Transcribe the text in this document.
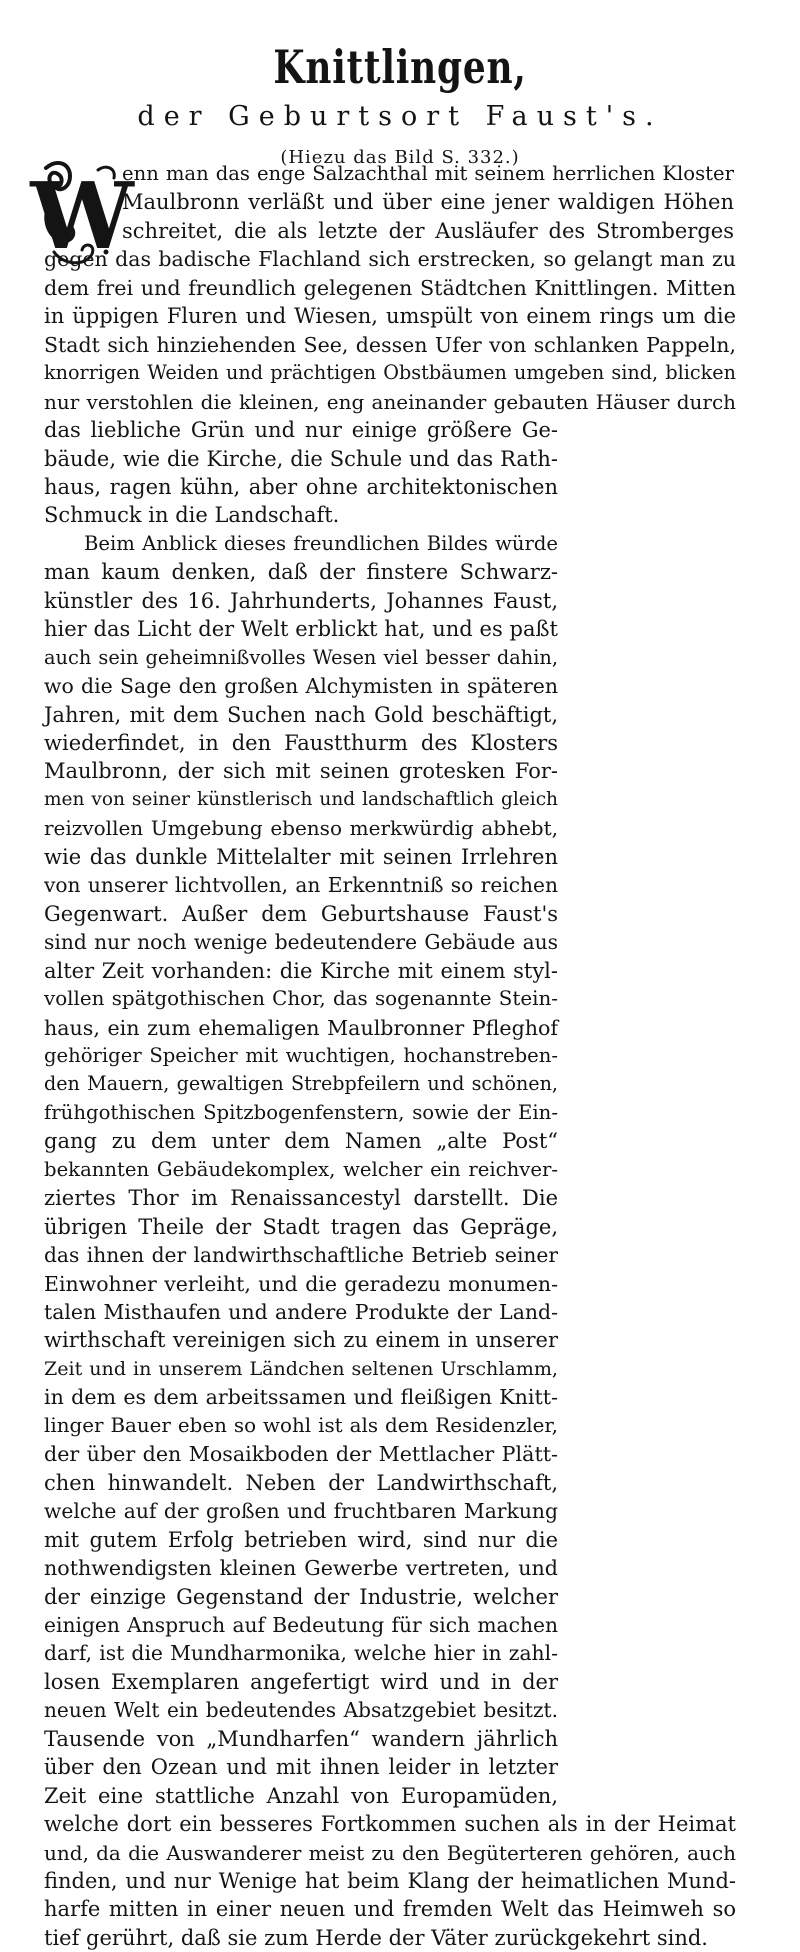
Knittlingen,
der Geburtsort Faust's.
(Hiezu das Bild S. 332.)
W
enn man das enge Salzachthal mit seinem herrlichen Kloster
Maulbronn verläßt und über eine jener waldigen Höhen
schreitet, die als letzte der Ausläufer des Stromberges
gegen das badische Flachland sich erstrecken, so gelangt man zu
dem frei und freundlich gelegenen Städtchen Knittlingen. Mitten
in üppigen Fluren und Wiesen, umspült von einem rings um die
Stadt sich hinziehenden See, dessen Ufer von schlanken Pappeln,
knorrigen Weiden und prächtigen Obstbäumen umgeben sind, blicken
nur verstohlen die kleinen, eng aneinander gebauten Häuser durch
das liebliche Grün und nur einige größere Ge-
bäude, wie die Kirche, die Schule und das Rath-
haus, ragen kühn, aber ohne architektonischen
Schmuck in die Landschaft.
Beim Anblick dieses freundlichen Bildes würde
man kaum denken, daß der finstere Schwarz-
künstler des 16. Jahrhunderts, Johannes Faust,
hier das Licht der Welt erblickt hat, und es paßt
auch sein geheimnißvolles Wesen viel besser dahin,
wo die Sage den großen Alchymisten in späteren
Jahren, mit dem Suchen nach Gold beschäftigt,
wiederfindet, in den Faustthurm des Klosters
Maulbronn, der sich mit seinen grotesken For-
men von seiner künstlerisch und landschaftlich gleich
reizvollen Umgebung ebenso merkwürdig abhebt,
wie das dunkle Mittelalter mit seinen Irrlehren
von unserer lichtvollen, an Erkenntniß so reichen
Gegenwart. Außer dem Geburtshause Faust's
sind nur noch wenige bedeutendere Gebäude aus
alter Zeit vorhanden: die Kirche mit einem styl-
vollen spätgothischen Chor, das sogenannte Stein-
haus, ein zum ehemaligen Maulbronner Pfleghof
gehöriger Speicher mit wuchtigen, hochanstreben-
den Mauern, gewaltigen Strebpfeilern und schönen,
frühgothischen Spitzbogenfenstern, sowie der Ein-
gang zu dem unter dem Namen „alte Post“
bekannten Gebäudekomplex, welcher ein reichver-
ziertes Thor im Renaissancestyl darstellt. Die
übrigen Theile der Stadt tragen das Gepräge,
das ihnen der landwirthschaftliche Betrieb seiner
Einwohner verleiht, und die geradezu monumen-
talen Misthaufen und andere Produkte der Land-
wirthschaft vereinigen sich zu einem in unserer
Zeit und in unserem Ländchen seltenen Urschlamm,
in dem es dem arbeitssamen und fleißigen Knitt-
linger Bauer eben so wohl ist als dem Residenzler,
der über den Mosaikboden der Mettlacher Plätt-
chen hinwandelt. Neben der Landwirthschaft,
welche auf der großen und fruchtbaren Markung
mit gutem Erfolg betrieben wird, sind nur die
nothwendigsten kleinen Gewerbe vertreten, und
der einzige Gegenstand der Industrie, welcher
einigen Anspruch auf Bedeutung für sich machen
darf, ist die Mundharmonika, welche hier in zahl-
losen Exemplaren angefertigt wird und in der
neuen Welt ein bedeutendes Absatzgebiet besitzt.
Tausende von „Mundharfen“ wandern jährlich
über den Ozean und mit ihnen leider in letzter
Zeit eine stattliche Anzahl von Europamüden,
welche dort ein besseres Fortkommen suchen als in der Heimat
und, da die Auswanderer meist zu den Begüterteren gehören, auch
finden, und nur Wenige hat beim Klang der heimatlichen Mund-
harfe mitten in einer neuen und fremden Welt das Heimweh so
tief gerührt, daß sie zum Herde der Väter zurückgekehrt sind.
